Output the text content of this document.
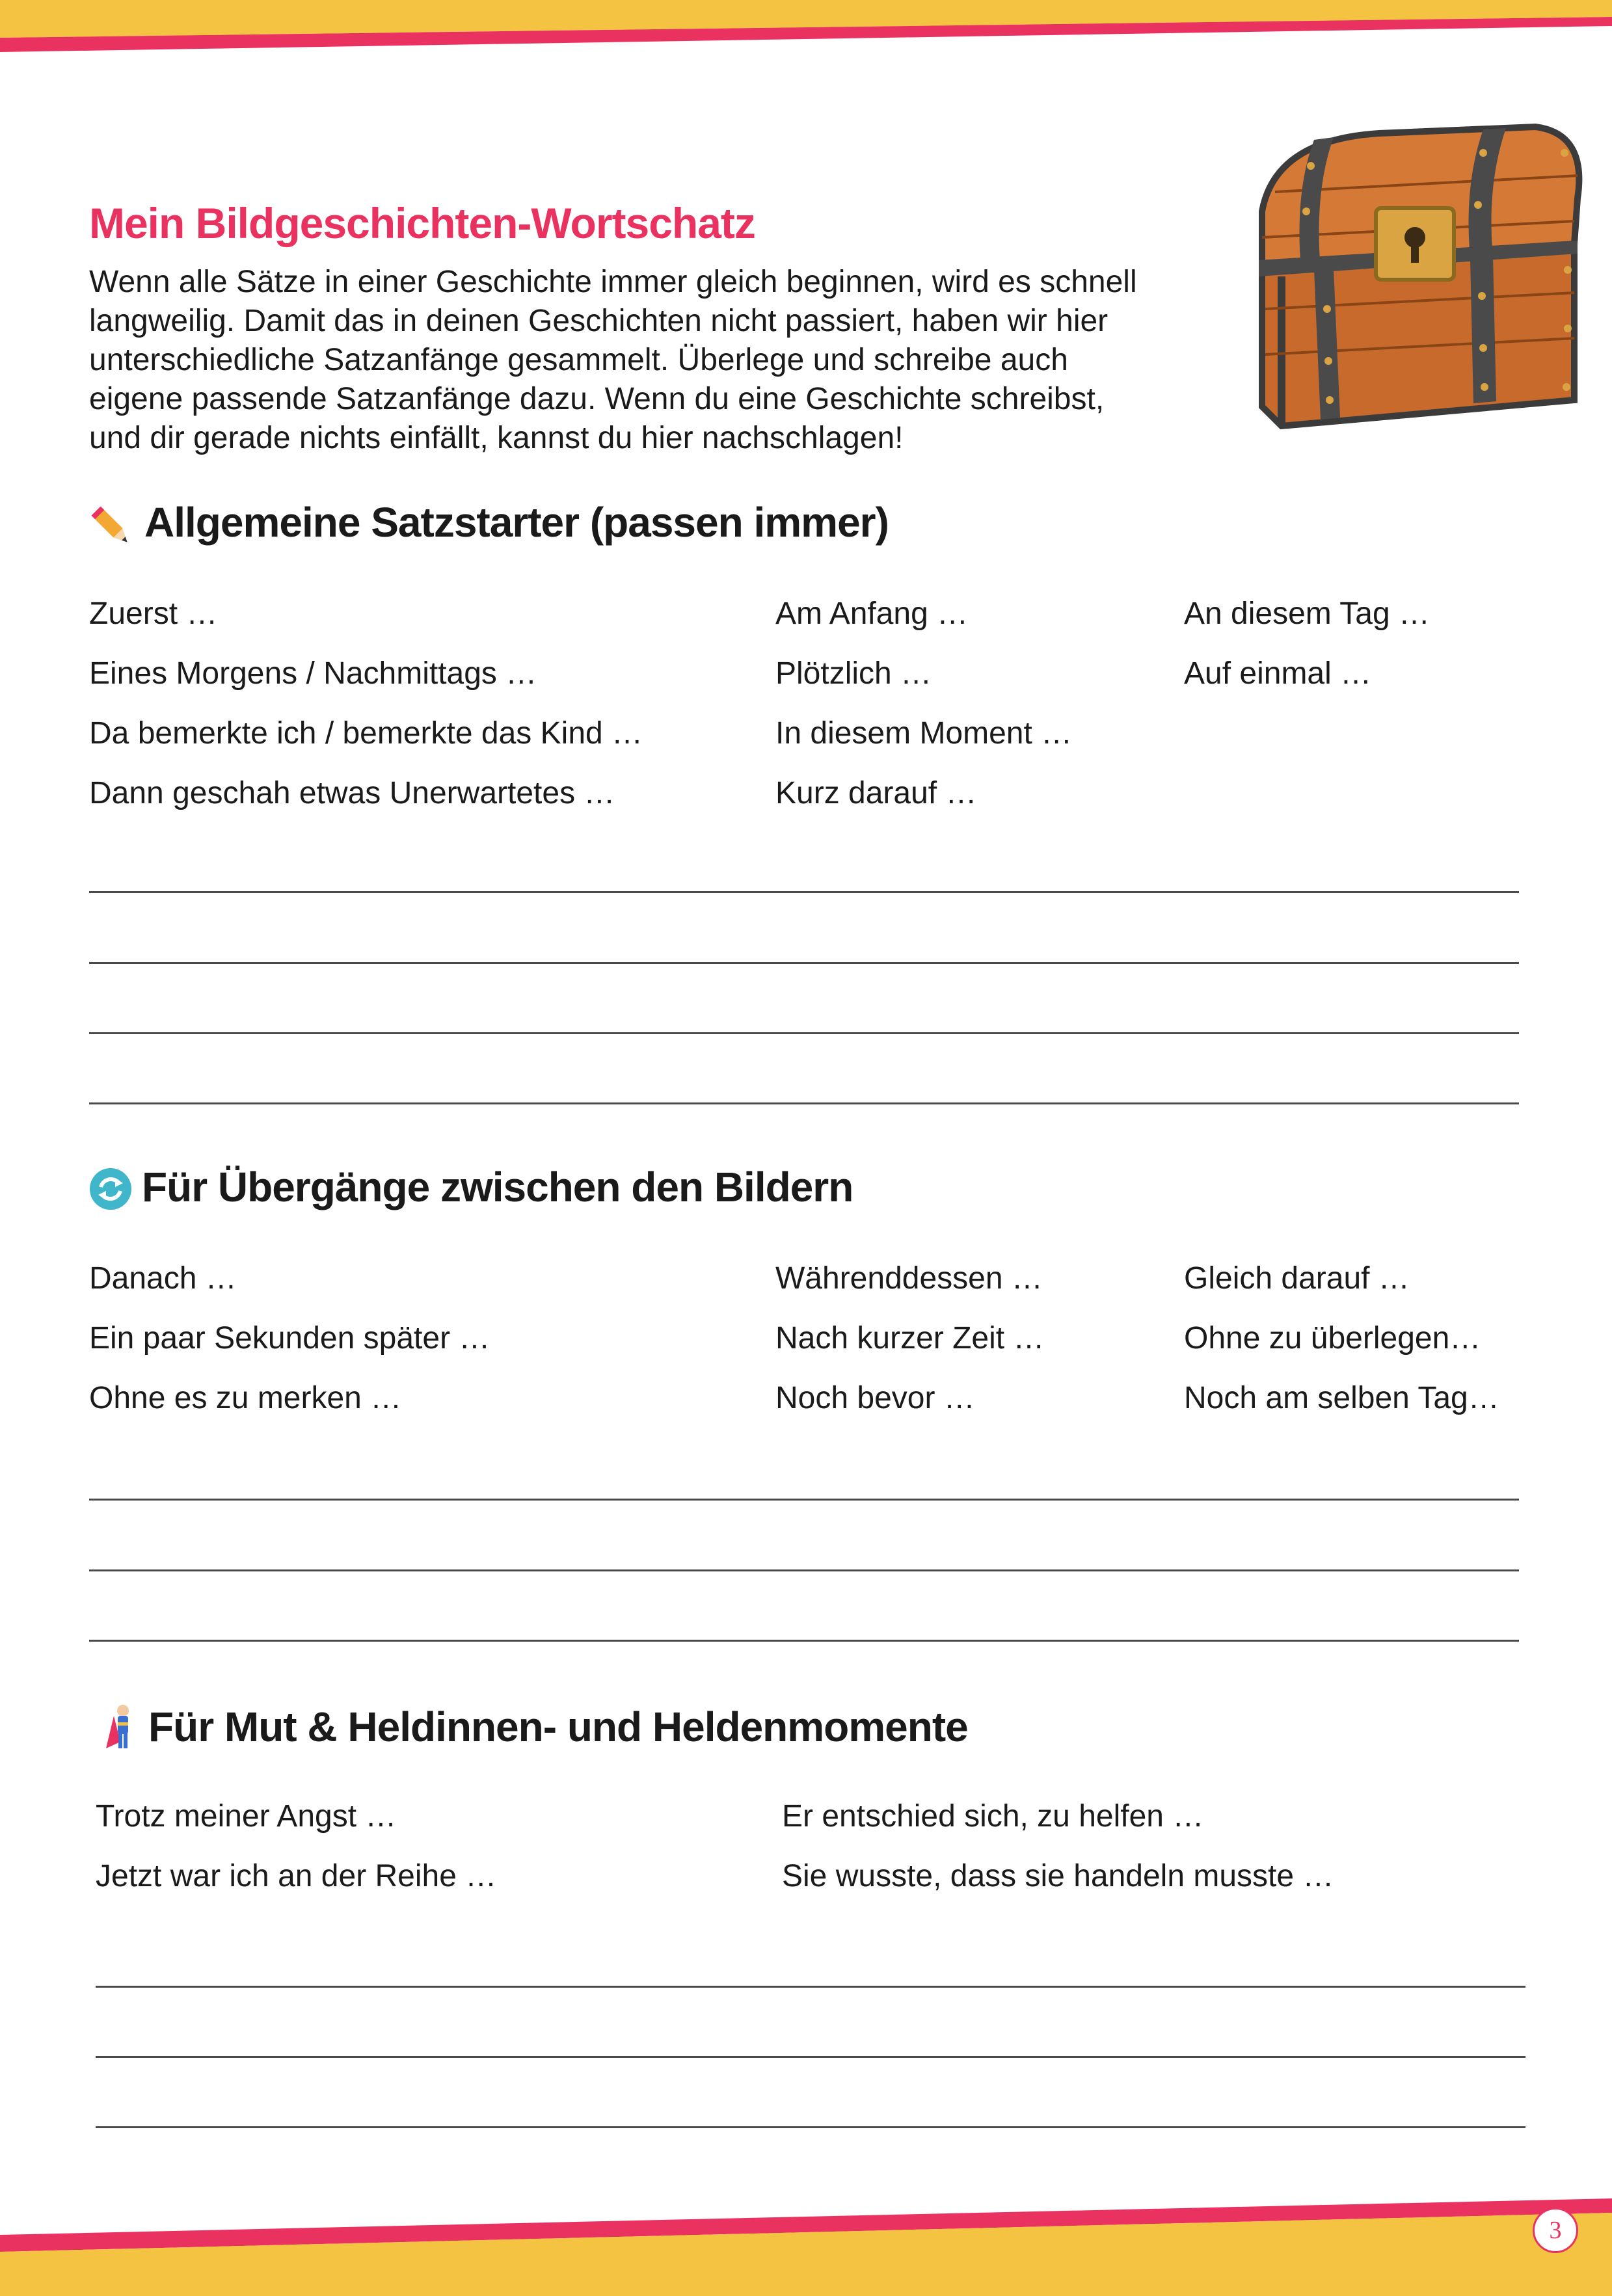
Mein Bildgeschichten-Wortschatz

Wenn alle Sätze in einer Geschichte immer gleich beginnen, wird es schnell
langweilig. Damit das in deinen Geschichten nicht passiert, haben wir hier
unterschiedliche Satzanfänge gesammelt. Überlege und schreibe auch
eigene passende Satzanfänge dazu. Wenn du eine Geschichte schreibst,
und dir gerade nichts einfällt, kannst du hier nachschlagen!

Allgemeine Satzstarter (passen immer)
Zuerst …
Eines Morgens / Nachmittags …
Da bemerkte ich / bemerkte das Kind …
Dann geschah etwas Unerwartetes …
Am Anfang …
Plötzlich …
In diesem Moment …
Kurz darauf …
An diesem Tag …
Auf einmal …
Für Übergänge zwischen den Bildern
Danach …
Ein paar Sekunden später …
Ohne es zu merken …
Währenddessen …
Nach kurzer Zeit …
Noch bevor …
Gleich darauf …
Ohne zu überlegen…
Noch am selben Tag…
Für Mut & Heldinnen- und Heldenmomente
Trotz meiner Angst …
Jetzt war ich an der Reihe …
Er entschied sich, zu helfen …
Sie wusste, dass sie handeln musste …
3
